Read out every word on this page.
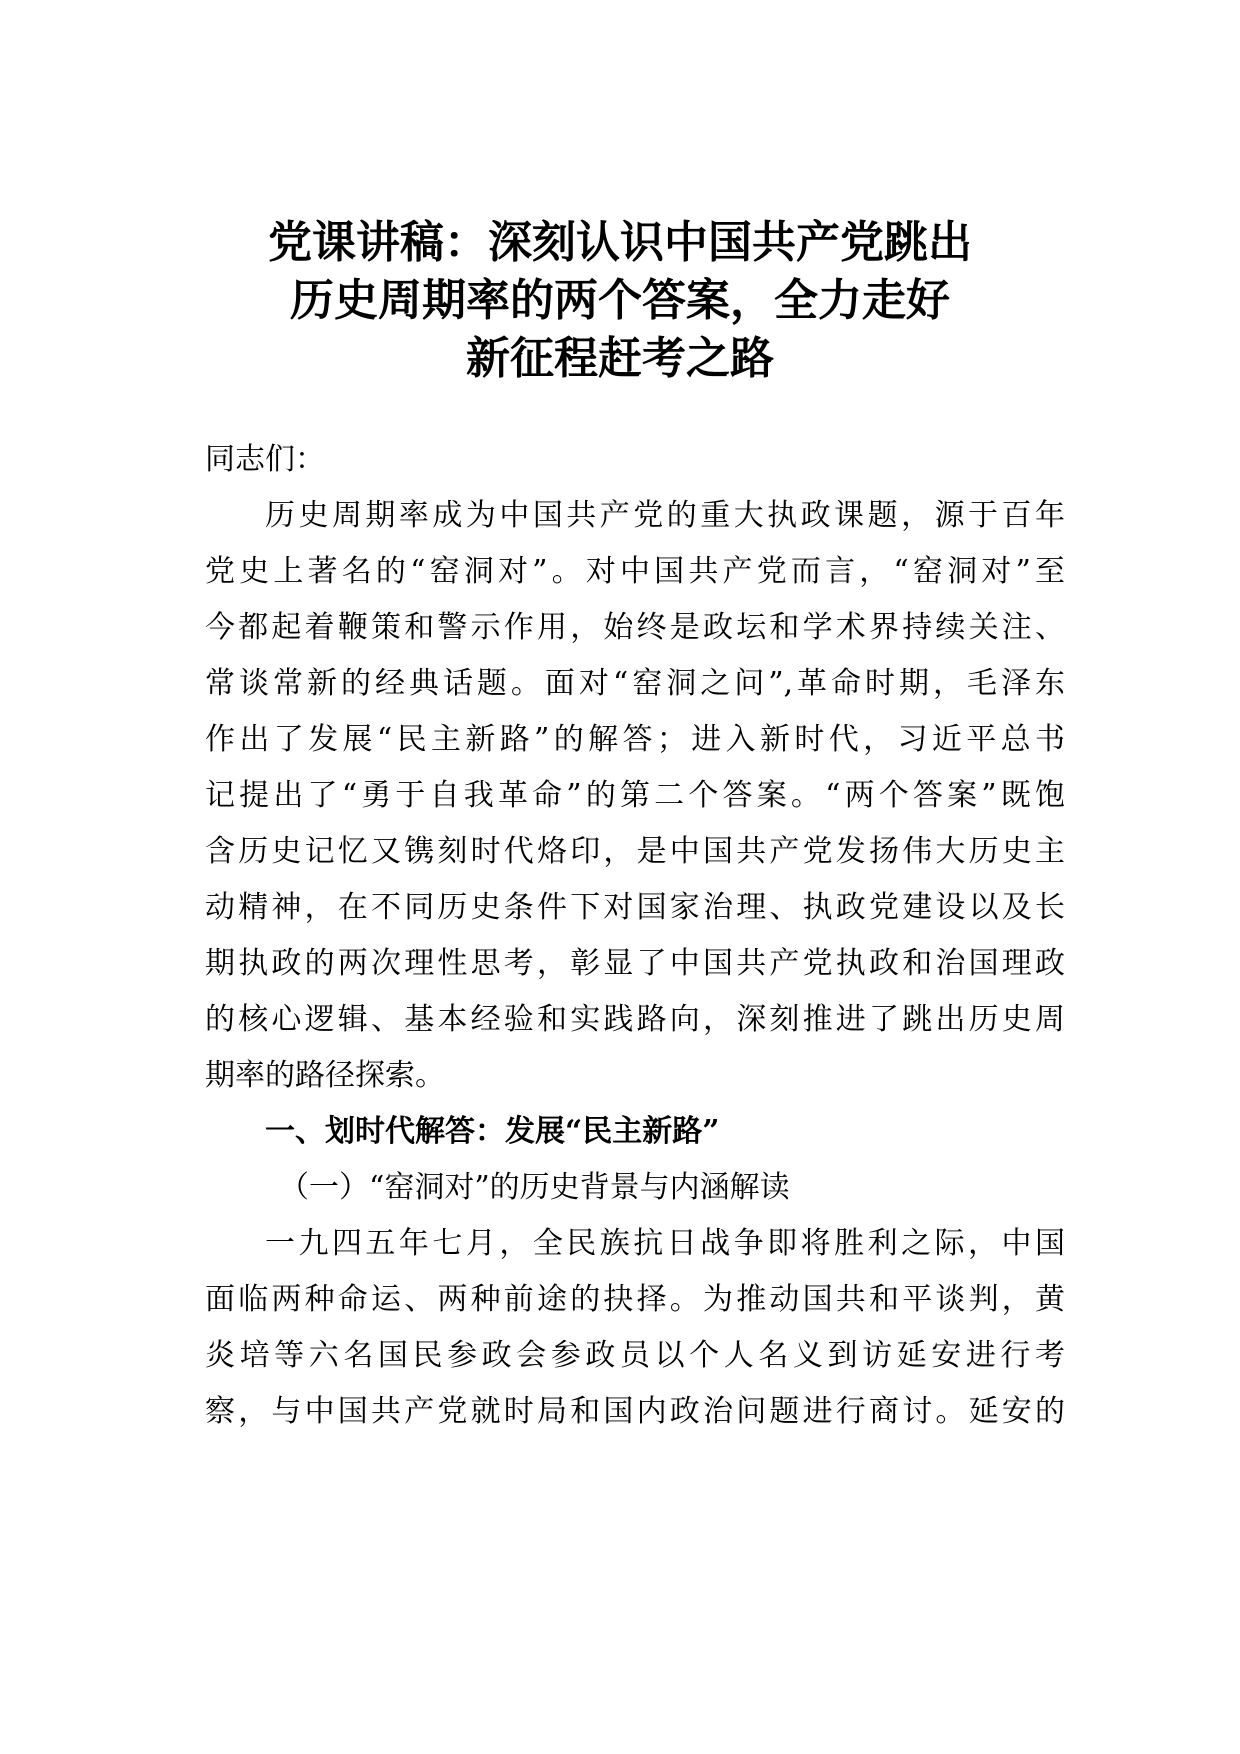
党课讲稿：深刻认识中国共产党跳出
历史周期率的两个答案，全力走好
新征程赶考之路

同志们：

历史周期率成为中国共产党的重大执政课题，源于百年
党史上著名的“窑洞对”。对中国共产党而言，“窑洞对”至
今都起着鞭策和警示作用，始终是政坛和学术界持续关注、
常谈常新的经典话题。面对“窑洞之问”,革命时期，毛泽东
作出了发展“民主新路”的解答；进入新时代，习近平总书
记提出了“勇于自我革命”的第二个答案。“两个答案”既饱
含历史记忆又镌刻时代烙印，是中国共产党发扬伟大历史主
动精神，在不同历史条件下对国家治理、执政党建设以及长
期执政的两次理性思考，彰显了中国共产党执政和治国理政
的核心逻辑、基本经验和实践路向，深刻推进了跳出历史周
期率的路径探索。

一、划时代解答：发展“民主新路”

（一）“窑洞对”的历史背景与内涵解读

一九四五年七月，全民族抗日战争即将胜利之际，中国
面临两种命运、两种前途的抉择。为推动国共和平谈判，黄
炎培等六名国民参政会参政员以个人名义到访延安进行考
察，与中国共产党就时局和国内政治问题进行商讨。延安的
